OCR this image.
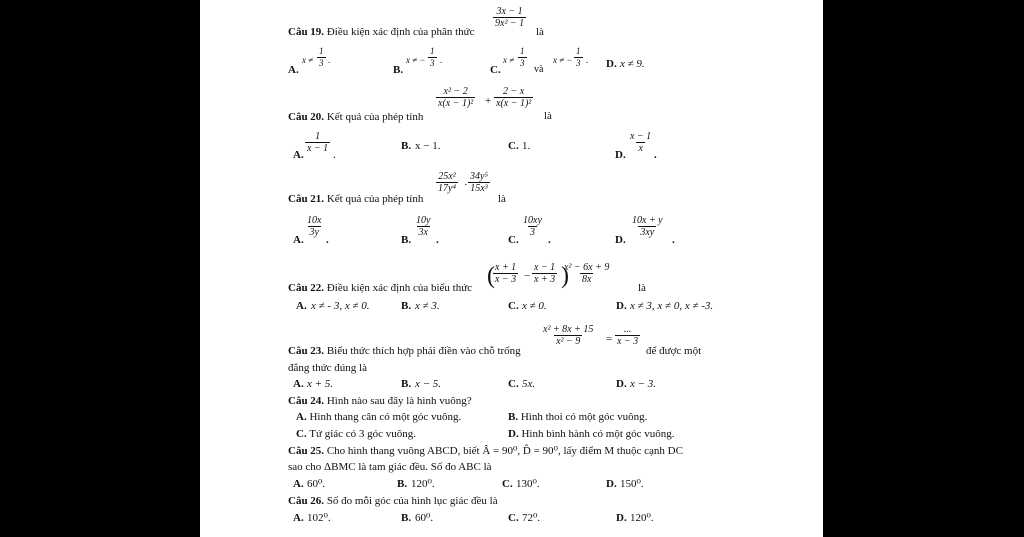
Câu 19. Điều kiện xác định của phân thức
$\frac{3x - 1}{\text{9x² − 1}}$
là
A.
$x \ne \frac{1}{3}$ .
B.
x ≠ − $\frac{1}{3}$ .
C.
$x \ne \frac{1}{3}$
và
x ≠ −
1
3 . D. x ≠ 9.
Câu 20. Kết quả của phép tính
$\frac{\text{x² − 2}}{\text{x(x − 1)²}} + \frac{2 - x}{\text{x(x − 1)²}}$
là
A.
$\frac{1}{x - 1}$
.
B. x − 1.	C. 1.
D.
$\frac{x - 1}{x}$
.
Câu 21. Kết quả của phép tính
$\frac{\text{25x²}}{\text{17y⁴}} \cdot \frac{\text{34y⁵}}{\text{15x³}}$
là
A.
$\frac{10x}{3y}$
.	B.
$\frac{10y}{3x}$
.	C.
$\frac{10xy}{3}$
.	D.
$\frac{10x + y}{3xy}$
.
Câu 22. Điều kiện xác định của biểu thức (
$\frac{x + 1}{x - 3} - \frac{x - 1}{x + 3}$ )
$\frac{\text{x² − 6x + 9}}{8x}$
là
A. x ≠ - 3, x ≠ 0.	B. x ≠ 3.	C. x ≠ 0.	D. x ≠ 3, x ≠ 0, x ≠ -3.
Câu 23. Biểu thức thích hợp phải điền vào chỗ trống
$\frac{\text{x² + 8x + 15}}{\text{x² − 9}}$ =
...
x − 3
để được một
đẳng thức đúng là
A. x + 5.	B. x − 5.	C. 5x.	D. x − 3.
Câu 24. Hình nào sau đây là hình vuông?
A. Hình thang cân có một góc vuông.	B. Hình thoi có một góc vuông.
C. Tứ giác có 3 góc vuông.	D. Hình bình hành có một góc vuông.
Câu 25. Cho hình thang vuông ABCD, biết Â = 90⁰, D̂ = 90⁰, lấy điểm M thuộc cạnh DC
sao cho ΔBMC là tam giác đều. Số đo ABC là
A. 60⁰.	B. 120⁰.	C. 130⁰.	D. 150⁰.
Câu 26. Số đo mỗi góc của hình lục giác đều là
A. 102⁰.	B. 60⁰.	C. 72⁰.	D. 120⁰.
